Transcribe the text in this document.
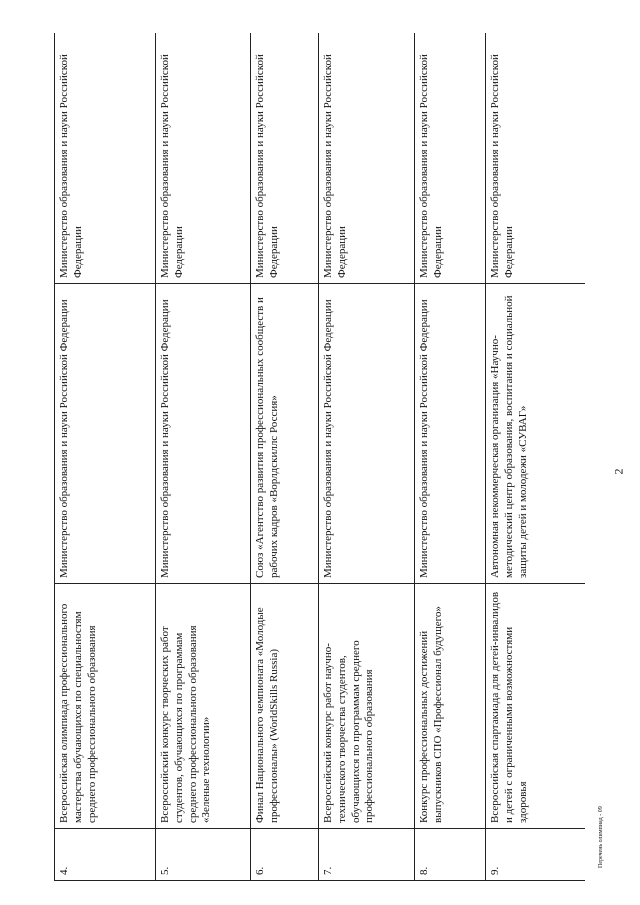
2
Перечень олимпиад - 09
4.	Всероссийская олимпиада профессионального мастерства обучающихся по специальностям среднего профессионального образования	Министерство образования и науки Российской Федерации	Министерство образования и науки Российской Федерации
5.	Всероссийский конкурс творческих работ студентов, обучающихся по программам среднего профессионального образования «Зеленые технологии»	Министерство образования и науки Российской Федерации	Министерство образования и науки Российской Федерации
6.	Финал Национального чемпионата «Молодые профессионалы» (WorldSkills Russia)	Союз «Агентство развития профессиональных сообществ и рабочих кадров «Ворлдскиллс Россия»	Министерство образования и науки Российской Федерации
7.	Всероссийский конкурс работ научно-технического творчества студентов, обучающихся по программам среднего профессионального образования	Министерство образования и науки Российской Федерации	Министерство образования и науки Российской Федерации
8.	Конкурс профессиональных достижений выпускников СПО «Профессионал будущего»	Министерство образования и науки Российской Федерации	Министерство образования и науки Российской Федерации
9.	Всероссийская спартакиада для детей-инвалидов и детей с ограниченными возможностями здоровья	Автономная некоммерческая организация «Научно-методический центр образования, воспитания и социальной защиты детей и молодежи «СУВАГ»	Министерство образования и науки Российской Федерации
